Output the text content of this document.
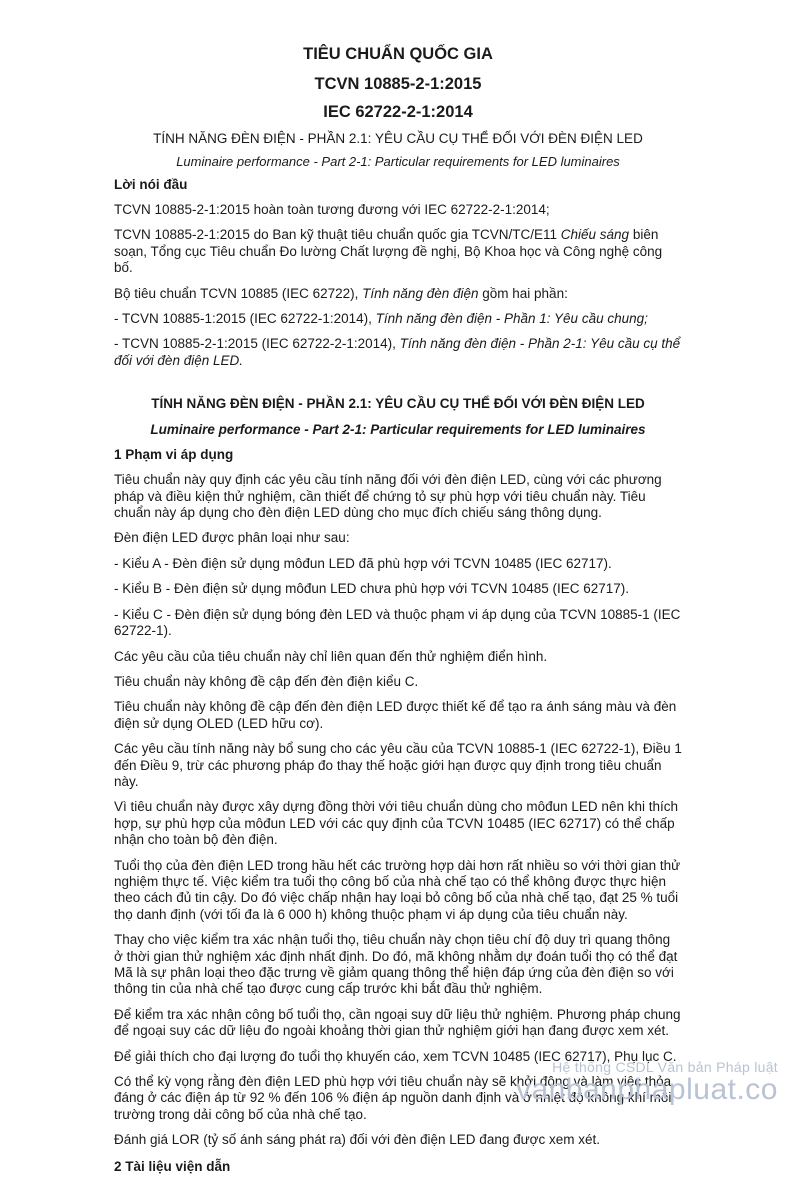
TIÊU CHUẨN QUỐC GIA
TCVN 10885-2-1:2015
IEC 62722-2-1:2014
TÍNH NĂNG ĐÈN ĐIỆN - PHẦN 2.1: YÊU CẦU CỤ THỂ ĐỐI VỚI ĐÈN ĐIỆN LED
Luminaire performance - Part 2-1: Particular requirements for LED luminaires
Lời nói đầu

TCVN 10885-2-1:2015 hoàn toàn tương đương với IEC 62722-2-1:2014;

TCVN 10885-2-1:2015 do Ban kỹ thuật tiêu chuẩn quốc gia TCVN/TC/E11 Chiếu sáng biên soạn, Tổng cục Tiêu chuẩn Đo lường Chất lượng đề nghị, Bộ Khoa học và Công nghệ công bố.

Bộ tiêu chuẩn TCVN 10885 (IEC 62722), Tính năng đèn điện gồm hai phần:

- TCVN 10885-1:2015 (IEC 62722-1:2014), Tính năng đèn điện - Phần 1: Yêu cầu chung;

- TCVN 10885-2-1:2015 (IEC 62722-2-1:2014), Tính năng đèn điện - Phần 2-1: Yêu cầu cụ thể đối với đèn điện LED.

TÍNH NĂNG ĐÈN ĐIỆN - PHẦN 2.1: YÊU CẦU CỤ THỂ ĐỐI VỚI ĐÈN ĐIỆN LED
Luminaire performance - Part 2-1: Particular requirements for LED luminaires
1 Phạm vi áp dụng

Tiêu chuẩn này quy định các yêu cầu tính năng đối với đèn điện LED, cùng với các phương pháp và điều kiện thử nghiệm, cần thiết để chứng tỏ sự phù hợp với tiêu chuẩn này. Tiêu chuẩn này áp dụng cho đèn điện LED dùng cho mục đích chiếu sáng thông dụng.

Đèn điện LED được phân loại như sau:

- Kiểu A - Đèn điện sử dụng môđun LED đã phù hợp với TCVN 10485 (IEC 62717).

- Kiểu B - Đèn điện sử dụng môđun LED chưa phù hợp với TCVN 10485 (IEC 62717).

- Kiểu C - Đèn điện sử dụng bóng đèn LED và thuộc phạm vi áp dụng của TCVN 10885-1 (IEC 62722-1).

Các yêu cầu của tiêu chuẩn này chỉ liên quan đến thử nghiệm điển hình.

Tiêu chuẩn này không đề cập đến đèn điện kiểu C.

Tiêu chuẩn này không đề cập đến đèn điện LED được thiết kế để tạo ra ánh sáng màu và đèn điện sử dụng OLED (LED hữu cơ).

Các yêu cầu tính năng này bổ sung cho các yêu cầu của TCVN 10885-1 (IEC 62722-1), Điều 1 đến Điều 9, trừ các phương pháp đo thay thế hoặc giới hạn được quy định trong tiêu chuẩn này.

Vì tiêu chuẩn này được xây dựng đồng thời với tiêu chuẩn dùng cho môđun LED nên khi thích hợp, sự phù hợp của môđun LED với các quy định của TCVN 10485 (IEC 62717) có thể chấp nhận cho toàn bộ đèn điện.

Tuổi thọ của đèn điện LED trong hầu hết các trường hợp dài hơn rất nhiều so với thời gian thử nghiệm thực tế. Việc kiểm tra tuổi thọ công bố của nhà chế tạo có thể không được thực hiện theo cách đủ tin cậy. Do đó việc chấp nhận hay loại bỏ công bố của nhà chế tạo, đạt 25 % tuổi thọ danh định (với tối đa là 6 000 h) không thuộc phạm vi áp dụng của tiêu chuẩn này.

Thay cho việc kiểm tra xác nhận tuổi thọ, tiêu chuẩn này chọn tiêu chí độ duy trì quang thông ở thời gian thử nghiệm xác định nhất định. Do đó, mã không nhằm dự đoán tuổi thọ có thể đạt Mã là sự phân loại theo đặc trưng về giảm quang thông thể hiện đáp ứng của đèn điện so với thông tin của nhà chế tạo được cung cấp trước khi bắt đầu thử nghiệm.

Để kiểm tra xác nhận công bố tuổi thọ, cần ngoại suy dữ liệu thử nghiệm. Phương pháp chung để ngoại suy các dữ liệu đo ngoài khoảng thời gian thử nghiệm giới hạn đang được xem xét.

Để giải thích cho đại lượng đo tuổi thọ khuyến cáo, xem TCVN 10485 (IEC 62717), Phụ lục C.

Có thể kỳ vọng rằng đèn điện LED phù hợp với tiêu chuẩn này sẽ khởi động và làm việc thỏa đáng ở các điện áp từ 92 % đến 106 % điện áp nguồn danh định và ở nhiệt độ không khí môi trường trong dải công bố của nhà chế tạo.

Đánh giá LOR (tỷ số ánh sáng phát ra) đối với đèn điện LED đang được xem xét.

2 Tài liệu viện dẫn
Hệ thống CSDL Văn bản Pháp luật
vanbanphapluat.co
